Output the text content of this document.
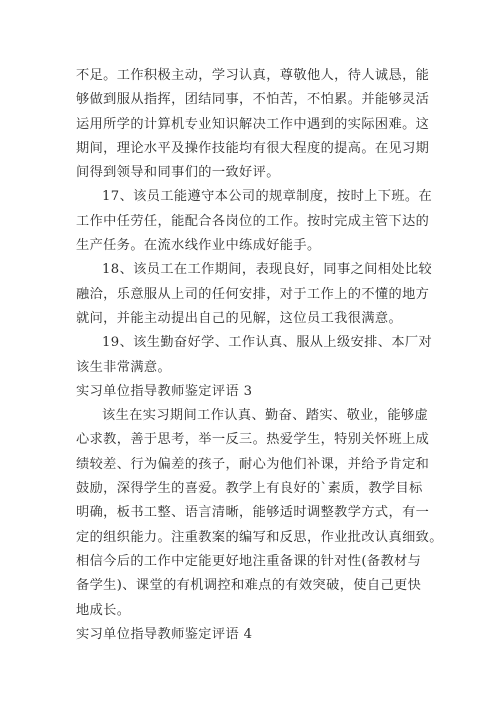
不足。工作积极主动，学习认真，尊敬他人，待人诚恳，能
够做到服从指挥，团结同事，不怕苦，不怕累。并能够灵活
运用所学的计算机专业知识解决工作中遇到的实际困难。这
期间，理论水平及操作技能均有很大程度的提高。在见习期
间得到领导和同事们的一致好评。
17、该员工能遵守本公司的规章制度，按时上下班。在
工作中任劳任，能配合各岗位的工作。按时完成主管下达的
生产任务。在流水线作业中练成好能手。
18、该员工在工作期间，表现良好，同事之间相处比较
融洽，乐意服从上司的任何安排，对于工作上的不懂的地方
就问，并能主动提出自己的见解，这位员工我很满意。
19、该生勤奋好学、工作认真、服从上级安排、本厂对
该生非常满意。
实习单位指导教师鉴定评语 3
该生在实习期间工作认真、勤奋、踏实、敬业，能够虚
心求教，善于思考，举一反三。热爱学生，特别关怀班上成
绩较差、行为偏差的孩子，耐心为他们补课，并给予肯定和
鼓励，深得学生的喜爱。教学上有良好的`素质，教学目标
明确，板书工整、语言清晰，能够适时调整教学方式，有一
定的组织能力。注重教案的编写和反思，作业批改认真细致。
相信今后的工作中定能更好地注重备课的针对性(备教材与
备学生)、课堂的有机调控和难点的有效突破，使自己更快
地成长。
实习单位指导教师鉴定评语 4
